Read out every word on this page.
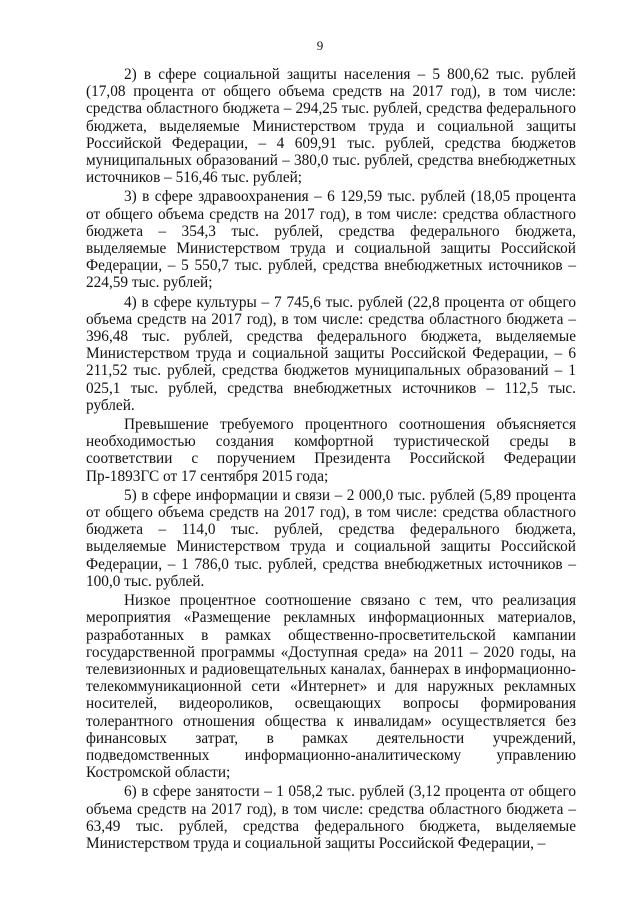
9

2) в сфере социальной защиты населения – 5 800,62 тыс. рублей (17,08 процента от общего объема средств на 2017 год), в том числе: средства областного бюджета – 294,25 тыс. рублей, средства федерального бюджета, выделяемые Министерством труда и социальной защиты Российской Федерации, – 4 609,91 тыс. рублей, средства бюджетов муниципальных образований – 380,0 тыс. рублей, средства внебюджетных источников – 516,46 тыс. рублей;

3) в сфере здравоохранения – 6 129,59 тыс. рублей (18,05 процента от общего объема средств на 2017 год), в том числе: средства областного бюджета – 354,3 тыс. рублей, средства федерального бюджета, выделяемые Министерством труда и социальной защиты Российской Федерации, – 5 550,7 тыс. рублей, средства внебюджетных источников – 224,59 тыс. рублей;

4) в сфере культуры – 7 745,6 тыс. рублей (22,8 процента от общего объема средств на 2017 год), в том числе: средства областного бюджета – 396,48 тыс. рублей, средства федерального бюджета, выделяемые Министерством труда и социальной защиты Российской Федерации, – 6 211,52 тыс. рублей, средства бюджетов муниципальных образований – 1 025,1 тыс. рублей, средства внебюджетных источников – 112,5 тыс. рублей.

Превышение требуемого процентного соотношения объясняется необходимостью создания комфортной туристической среды в соответствии с поручением Президента Российской Федерации Пр-1893ГС от 17 сентября 2015 года;

5) в сфере информации и связи – 2 000,0 тыс. рублей (5,89 процента от общего объема средств на 2017 год), в том числе: средства областного бюджета – 114,0 тыс. рублей, средства федерального бюджета, выделяемые Министерством труда и социальной защиты Российской Федерации, – 1 786,0 тыс. рублей, средства внебюджетных источников – 100,0 тыс. рублей.

Низкое процентное соотношение связано с тем, что реализация мероприятия «Размещение рекламных информационных материалов, разработанных в рамках общественно-просветительской кампании государственной программы «Доступная среда» на 2011 – 2020 годы, на телевизионных и радиовещательных каналах, баннерах в информационно-телекоммуникационной сети «Интернет» и для наружных рекламных носителей, видеороликов, освещающих вопросы формирования толерантного отношения общества к инвалидам» осуществляется без финансовых затрат, в рамках деятельности учреждений, подведомственных информационно-аналитическому управлению Костромской области;

6) в сфере занятости – 1 058,2 тыс. рублей (3,12 процента от общего объема средств на 2017 год), в том числе: средства областного бюджета – 63,49 тыс. рублей, средства федерального бюджета, выделяемые Министерством труда и социальной защиты Российской Федерации, –
